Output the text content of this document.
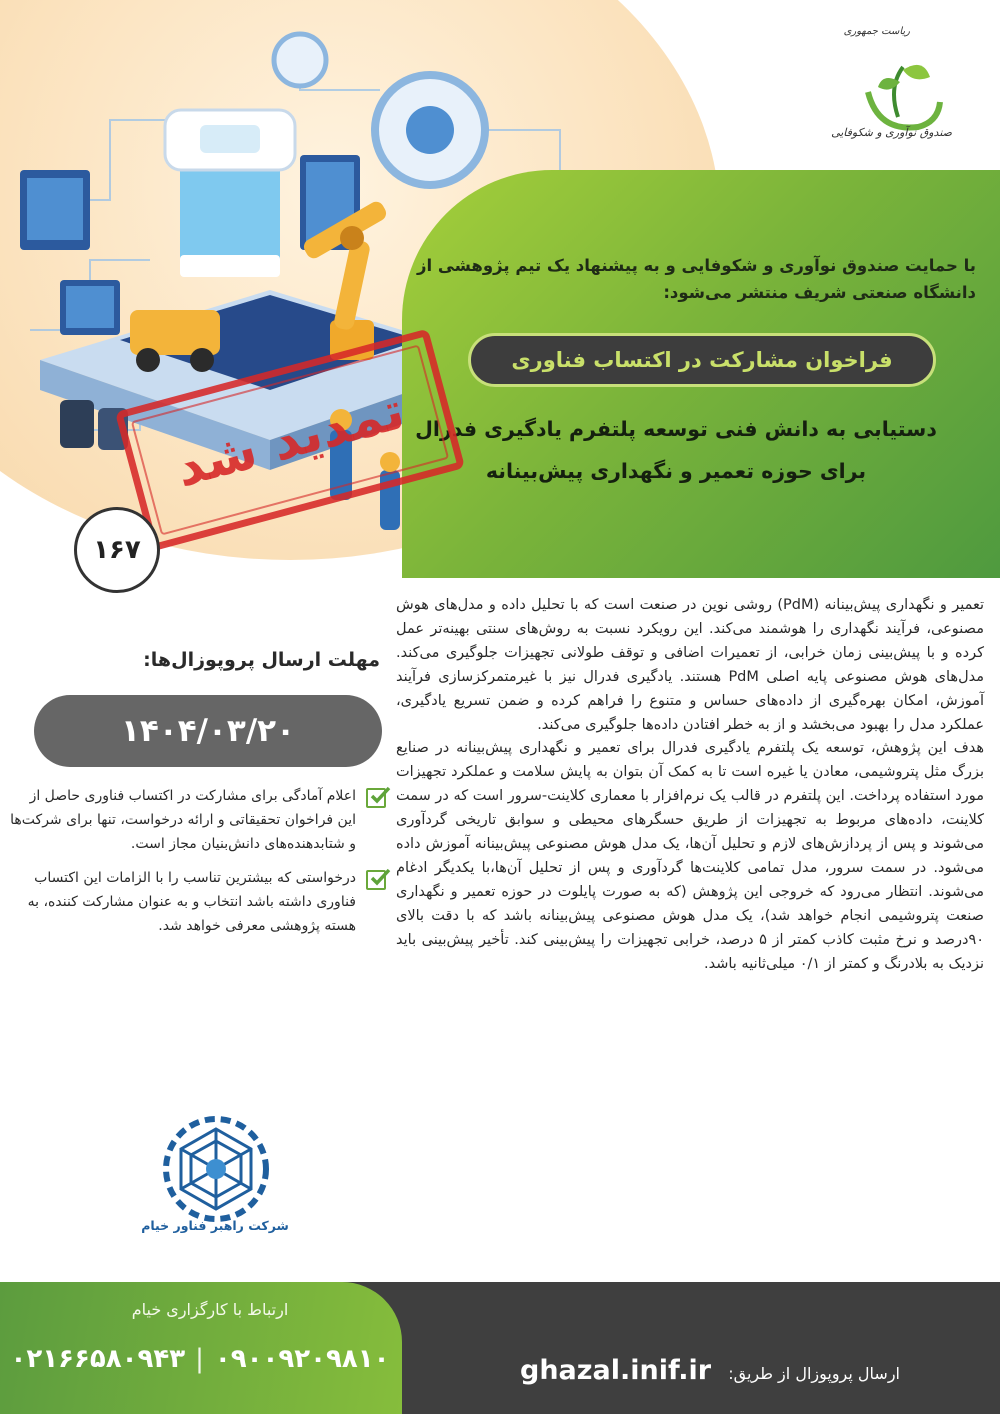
ریاست جمهوری
صندوق نوآوری و شکوفایی
با حمایت صندوق نوآوری و شکوفایی و به پیشنهاد یک تیم پژوهشی از دانشگاه صنعتی شریف منتشر می‌شود:
فراخوان مشارکت در اکتساب فناوری
دستیابی به دانش فنی توسعه پلتفرم یادگیری فدرال
برای حوزه تعمیر و نگهداری پیش‌بینانه
تمدید شد
۱۶۷

تعمیر و نگهداری پیش‌بینانه (PdM) روشی نوین در صنعت است که با تحلیل داده و مدل‌های هوش مصنوعی، فرآیند نگهداری را هوشمند می‌کند. این رویکرد نسبت به روش‌های سنتی بهینه‌تر عمل کرده و با پیش‌بینی زمان خرابی، از تعمیرات اضافی و توقف طولانی تجهیزات جلوگیری می‌کند. مدل‌های هوش مصنوعی پایه اصلی PdM هستند. یادگیری فدرال نیز با غیرمتمرکزسازی فرآیند آموزش، امکان بهره‌گیری از داده‌های حساس و متنوع را فراهم کرده و ضمن تسریع یادگیری، عملکرد مدل را بهبود می‌بخشد و از به خطر افتادن داده‌ها جلوگیری می‌کند.

هدف این پژوهش، توسعه یک پلتفرم یادگیری فدرال برای تعمیر و نگهداری پیش‌بینانه در صنایع بزرگ مثل پتروشیمی، معادن یا غیره است تا به کمک آن بتوان به پایش سلامت و عملکرد تجهیزات مورد استفاده پرداخت. این پلتفرم در قالب یک نرم‌افزار با معماری کلاینت-سرور است که در سمت کلاینت، داده‌های مربوط به تجهیزات از طریق حسگرهای محیطی و سوابق تاریخی گردآوری می‌شوند و پس از پردازش‌های لازم و تحلیل آن‌ها، یک مدل هوش مصنوعی پیش‌بینانه آموزش داده می‌شود. در سمت سرور، مدل تمامی کلاینت‌ها گردآوری و پس از تحلیل آن‌ها،با یکدیگر ادغام می‌شوند. انتظار می‌رود که خروجی این پژوهش (که به صورت پایلوت در حوزه تعمیر و نگهداری صنعت پتروشیمی انجام خواهد شد)، یک مدل هوش مصنوعی پیش‌بینانه باشد که با دقت بالای ۹۰درصد و نرخ مثبت کاذب کمتر از ۵ درصد، خرابی تجهیزات را پیش‌بینی کند. تأخیر پیش‌بینی باید نزدیک به بلادرنگ و کمتر از ۰/۱ میلی‌ثانیه باشد.

مهلت ارسال پروپوزال‌ها:
۱۴۰۴/۰۳/۲۰
اعلام آمادگی برای مشارکت در اکتساب فناوری حاصل از این فراخوان تحقیقاتی و ارائه درخواست، تنها برای شرکت‌ها و شتابدهنده‌های دانش‌بنیان مجاز است.
درخواستی که بیشترین تناسب را با الزامات این اکتساب فناوری داشته باشد انتخاب و به عنوان مشارکت کننده، به هسته پژوهشی معرفی خواهد شد.
شرکت راهبر فناور خیام
ارتباط با کارگزاری خیام
۰۲۱۶۶۵۸۰۹۴۳ | ۰۹۰۰۹۲۰۹۸۱۰	ارسال پروپوزال از طریق:
ghazal.inif.ir
